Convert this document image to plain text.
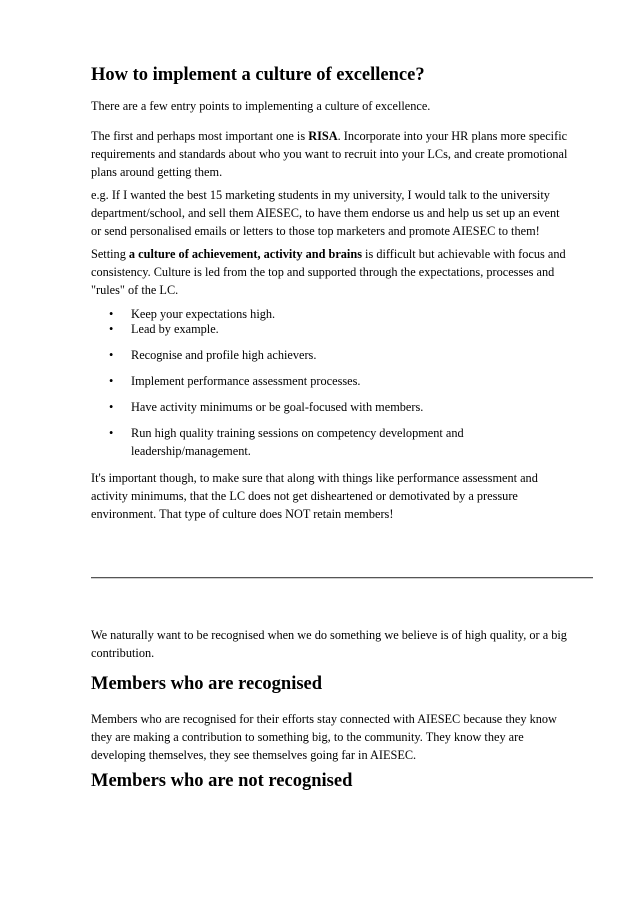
How to implement a culture of excellence?

There are a few entry points to implementing a culture of excellence.

The first and perhaps most important one is RISA. Incorporate into your HR plans more specific
requirements and standards about who you want to recruit into your LCs, and create promotional
plans around getting them.

e.g. If I wanted the best 15 marketing students in my university, I would talk to the university
department/school, and sell them AIESEC, to have them endorse us and help us set up an event
or send personalised emails or letters to those top marketers and promote AIESEC to them!

Setting a culture of achievement, activity and brains is difficult but achievable with focus and
consistency. Culture is led from the top and supported through the expectations, processes and
"rules" of the LC.

• Keep your expectations high.
• Lead by example.
• Recognise and profile high achievers.
• Implement performance assessment processes.
• Have activity minimums or be goal-focused with members.
• Run high quality training sessions on competency development and
leadership/management.

It's important though, to make sure that along with things like performance assessment and
activity minimums, that the LC does not get disheartened or demotivated by a pressure
environment. That type of culture does NOT retain members!

We naturally want to be recognised when we do something we believe is of high quality, or a big
contribution.

Members who are recognised

Members who are recognised for their efforts stay connected with AIESEC because they know
they are making a contribution to something big, to the community. They know they are
developing themselves, they see themselves going far in AIESEC.

Members who are not recognised
